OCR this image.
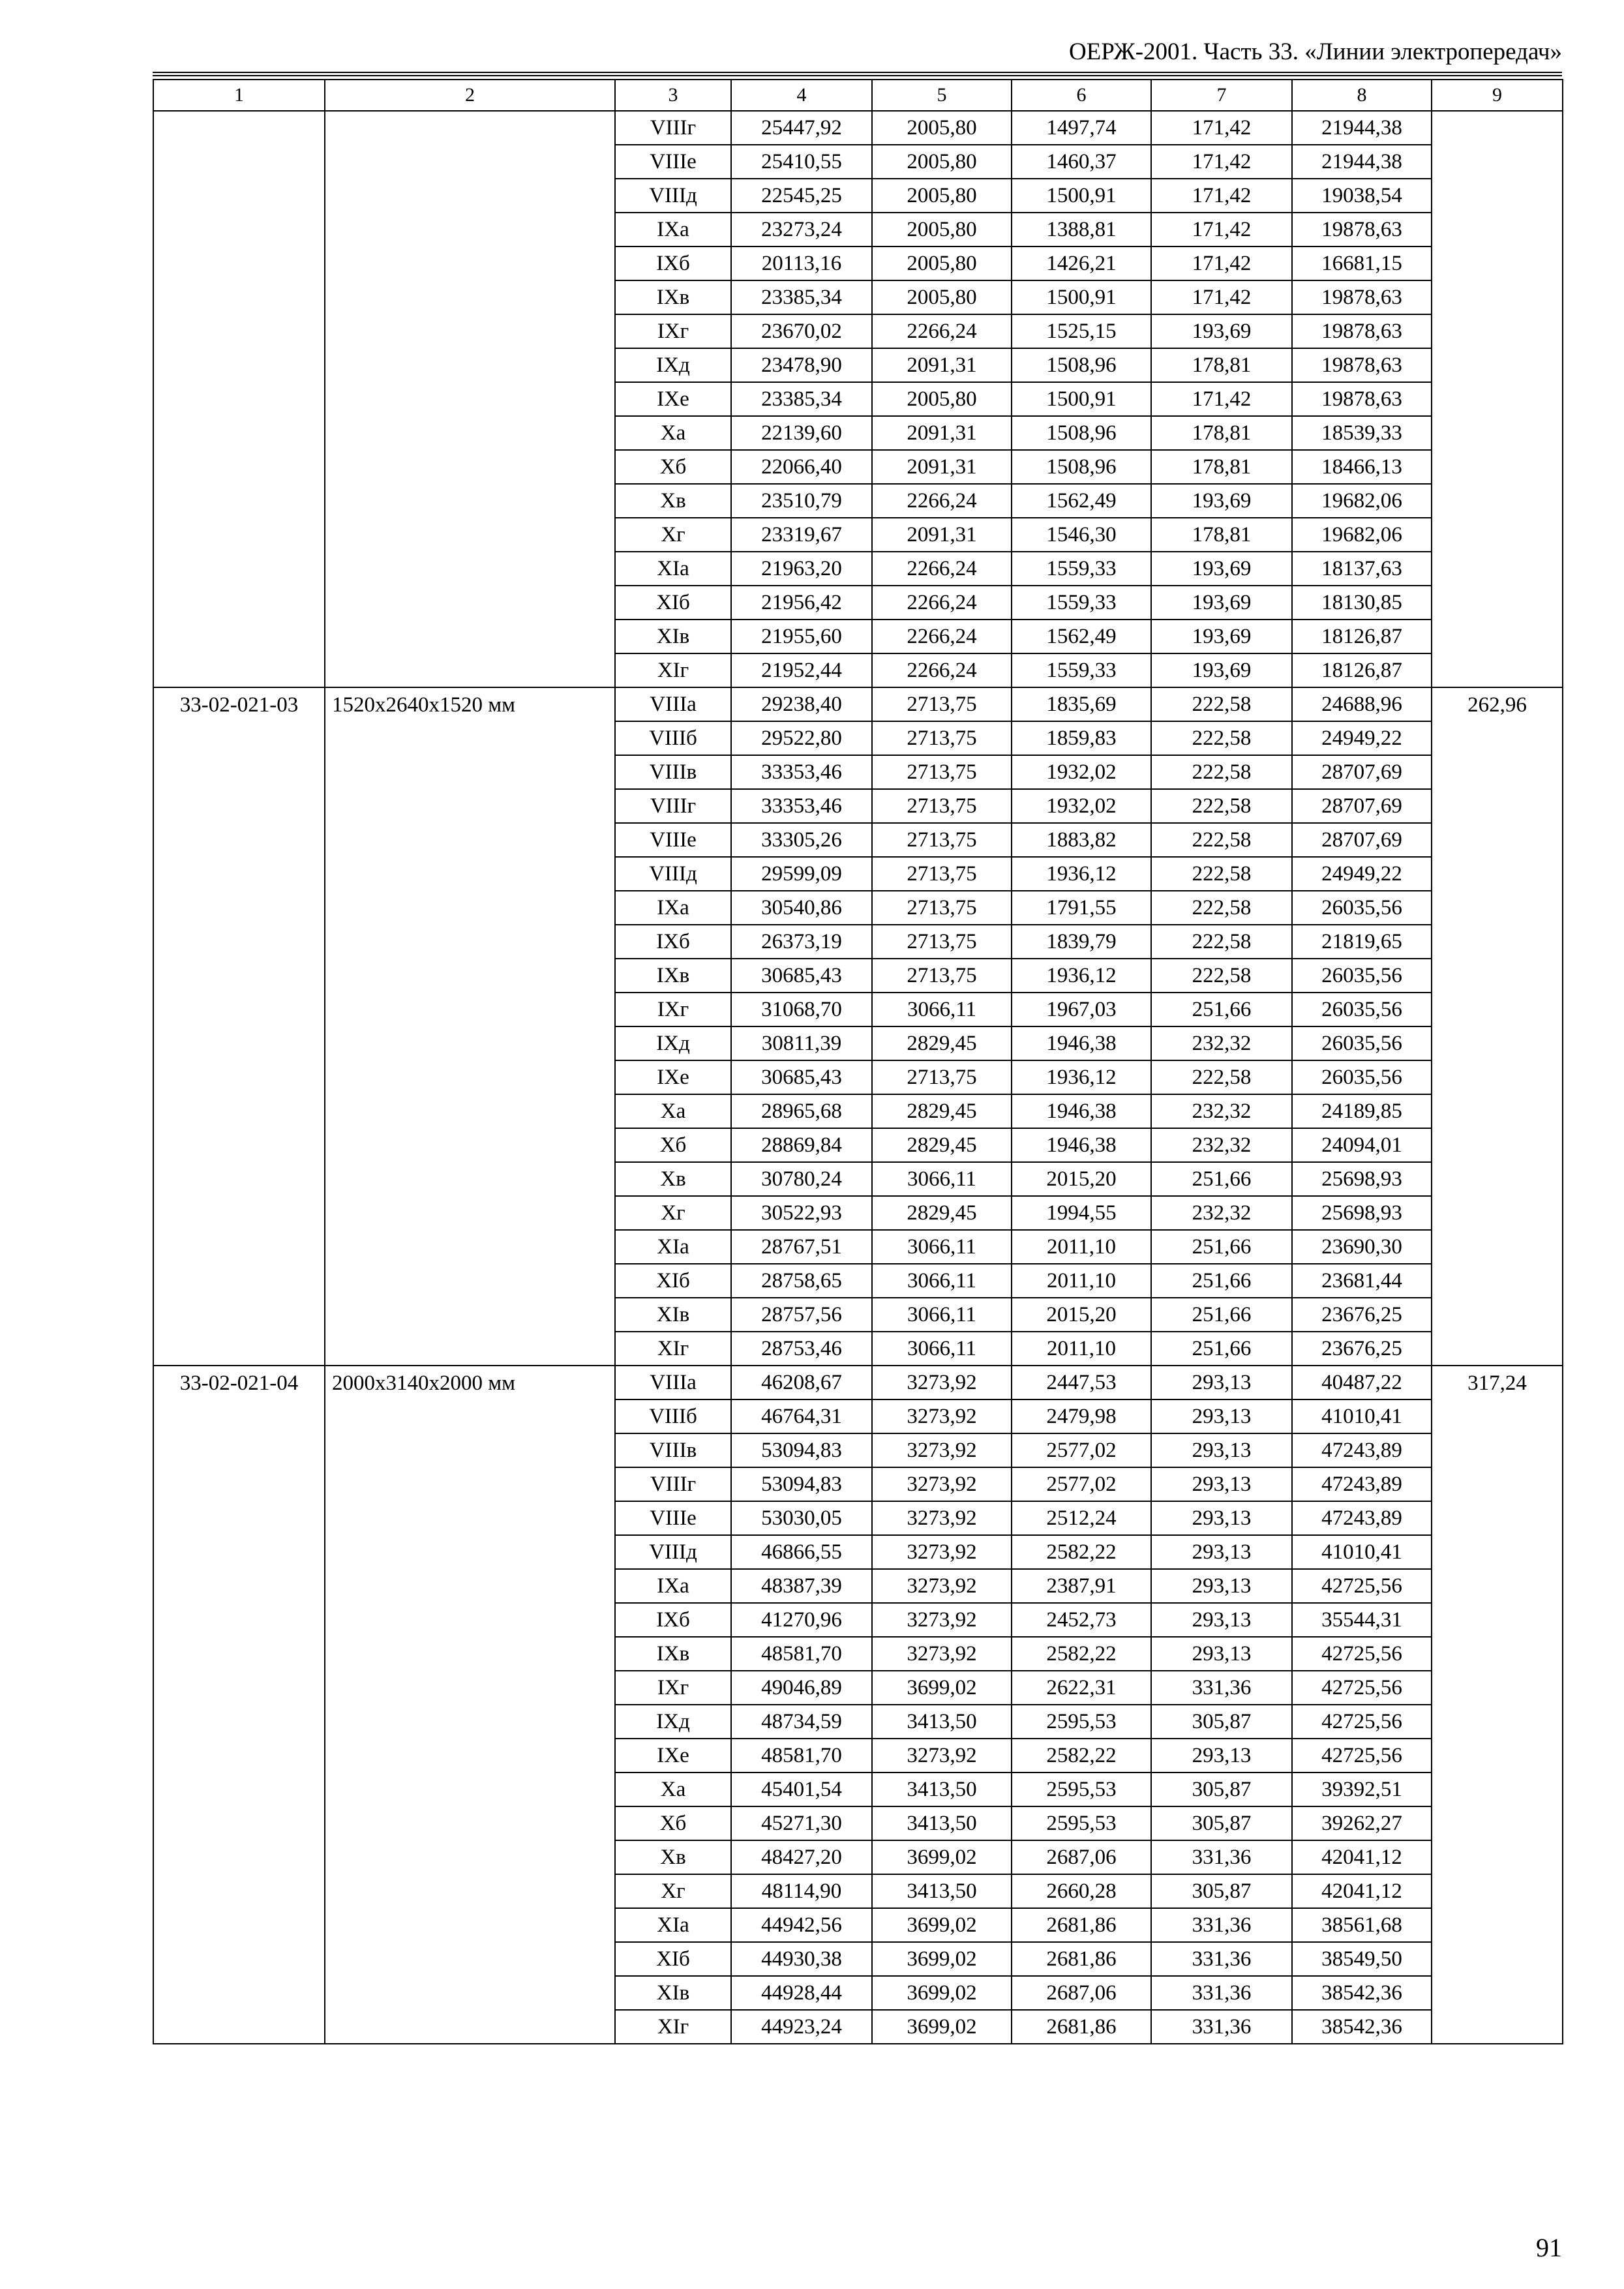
ОЕРЖ-2001. Часть 33. «Линии электропередач»
1	2	3	4	5	6	7	8	9
		VIIIг	25447,92	2005,80	1497,74	171,42	21944,38	
		VIIIе	25410,55	2005,80	1460,37	171,42	21944,38	
		VIIIд	22545,25	2005,80	1500,91	171,42	19038,54	
		IXа	23273,24	2005,80	1388,81	171,42	19878,63	
		IXб	20113,16	2005,80	1426,21	171,42	16681,15	
		IXв	23385,34	2005,80	1500,91	171,42	19878,63	
		IXг	23670,02	2266,24	1525,15	193,69	19878,63	
		IXд	23478,90	2091,31	1508,96	178,81	19878,63	
		IXе	23385,34	2005,80	1500,91	171,42	19878,63	
		Xа	22139,60	2091,31	1508,96	178,81	18539,33	
		Xб	22066,40	2091,31	1508,96	178,81	18466,13	
		Xв	23510,79	2266,24	1562,49	193,69	19682,06	
		Xг	23319,67	2091,31	1546,30	178,81	19682,06	
		XIа	21963,20	2266,24	1559,33	193,69	18137,63	
		XIб	21956,42	2266,24	1559,33	193,69	18130,85	
		XIв	21955,60	2266,24	1562,49	193,69	18126,87	
		XIг	21952,44	2266,24	1559,33	193,69	18126,87	
33-02-021-03	1520х2640х1520 мм	VIIIа	29238,40	2713,75	1835,69	222,58	24688,96	262,96
		VIIIб	29522,80	2713,75	1859,83	222,58	24949,22	
		VIIIв	33353,46	2713,75	1932,02	222,58	28707,69	
		VIIIг	33353,46	2713,75	1932,02	222,58	28707,69	
		VIIIе	33305,26	2713,75	1883,82	222,58	28707,69	
		VIIIд	29599,09	2713,75	1936,12	222,58	24949,22	
		IXа	30540,86	2713,75	1791,55	222,58	26035,56	
		IXб	26373,19	2713,75	1839,79	222,58	21819,65	
		IXв	30685,43	2713,75	1936,12	222,58	26035,56	
		IXг	31068,70	3066,11	1967,03	251,66	26035,56	
		IXд	30811,39	2829,45	1946,38	232,32	26035,56	
		IXе	30685,43	2713,75	1936,12	222,58	26035,56	
		Xа	28965,68	2829,45	1946,38	232,32	24189,85	
		Xб	28869,84	2829,45	1946,38	232,32	24094,01	
		Xв	30780,24	3066,11	2015,20	251,66	25698,93	
		Xг	30522,93	2829,45	1994,55	232,32	25698,93	
		XIа	28767,51	3066,11	2011,10	251,66	23690,30	
		XIб	28758,65	3066,11	2011,10	251,66	23681,44	
		XIв	28757,56	3066,11	2015,20	251,66	23676,25	
		XIг	28753,46	3066,11	2011,10	251,66	23676,25	
33-02-021-04	2000х3140х2000 мм	VIIIа	46208,67	3273,92	2447,53	293,13	40487,22	317,24
		VIIIб	46764,31	3273,92	2479,98	293,13	41010,41	
		VIIIв	53094,83	3273,92	2577,02	293,13	47243,89	
		VIIIг	53094,83	3273,92	2577,02	293,13	47243,89	
		VIIIе	53030,05	3273,92	2512,24	293,13	47243,89	
		VIIIд	46866,55	3273,92	2582,22	293,13	41010,41	
		IXа	48387,39	3273,92	2387,91	293,13	42725,56	
		IXб	41270,96	3273,92	2452,73	293,13	35544,31	
		IXв	48581,70	3273,92	2582,22	293,13	42725,56	
		IXг	49046,89	3699,02	2622,31	331,36	42725,56	
		IXд	48734,59	3413,50	2595,53	305,87	42725,56	
		IXе	48581,70	3273,92	2582,22	293,13	42725,56	
		Xа	45401,54	3413,50	2595,53	305,87	39392,51	
		Xб	45271,30	3413,50	2595,53	305,87	39262,27	
		Xв	48427,20	3699,02	2687,06	331,36	42041,12	
		Xг	48114,90	3413,50	2660,28	305,87	42041,12	
		XIа	44942,56	3699,02	2681,86	331,36	38561,68	
		XIб	44930,38	3699,02	2681,86	331,36	38549,50	
		XIв	44928,44	3699,02	2687,06	331,36	38542,36	
		XIг	44923,24	3699,02	2681,86	331,36	38542,36	
91
